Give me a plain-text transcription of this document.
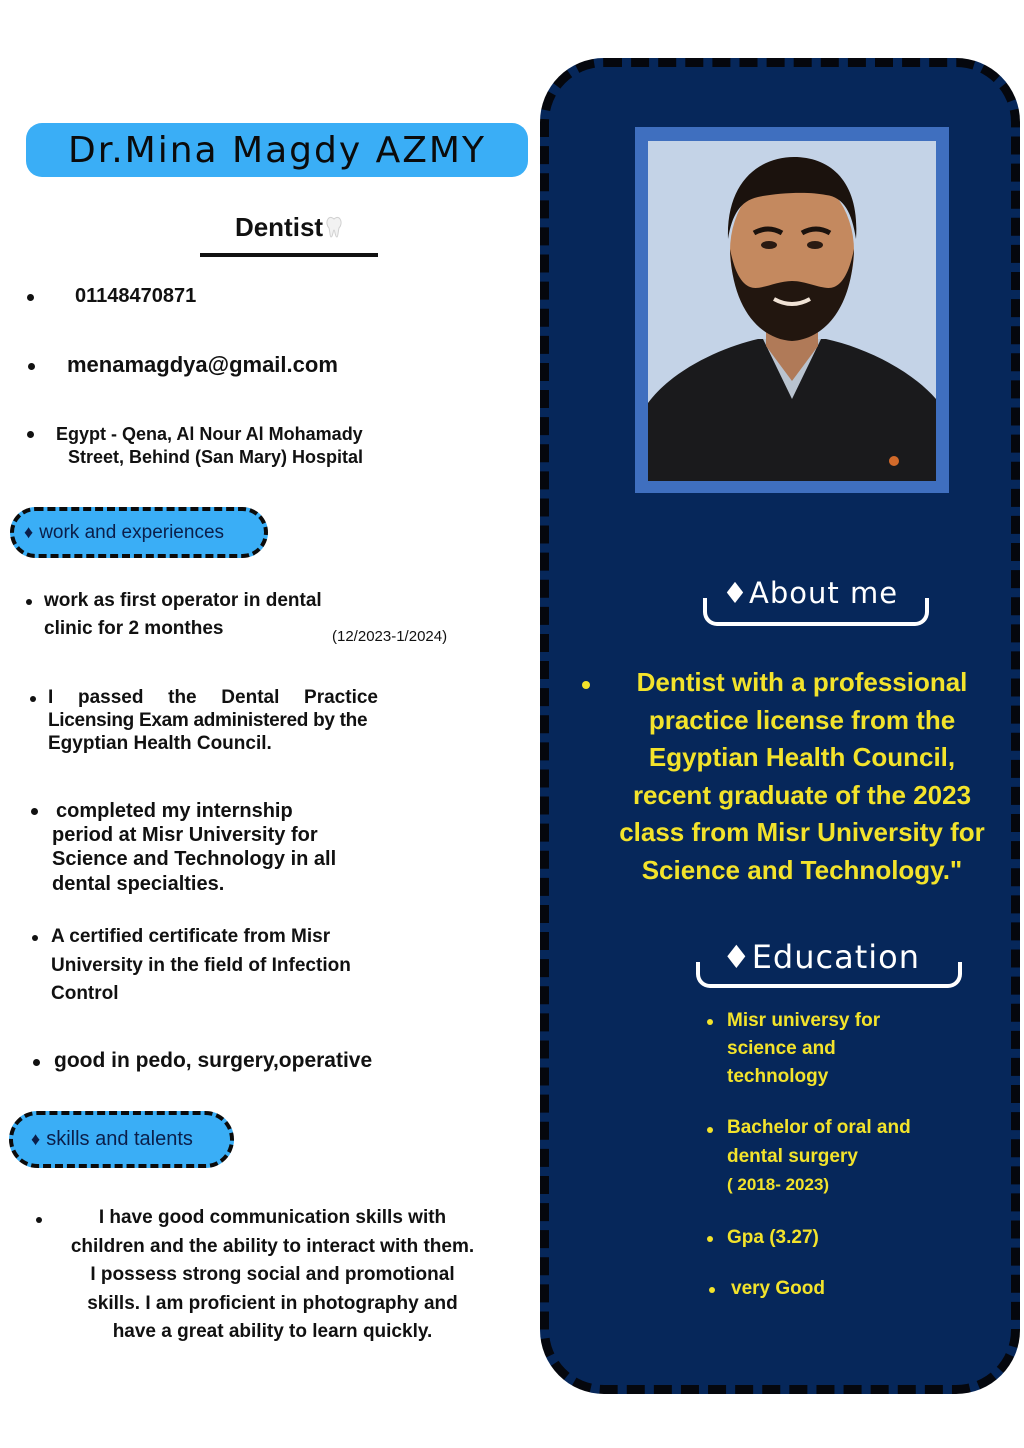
Dr.Mina Magdy AZMY
Dentist
01148470871
menamagdya@gmail.com
Egypt - Qena, Al Nour Al Mohamady
Street, Behind (San Mary) Hospital
♦ work and experiences
work as first operator in dental
clinic for 2 monthes	(12/2023-1/2024)
I passed the Dental Practice
Licensing Exam administered by the
Egyptian Health Council.
completed my internship
period at Misr University for
Science and Technology in all
dental specialties.
A certified certificate from Misr
University in the field of Infection
Control
good in pedo, surgery,operative
♦ skills and talents
I have good communication skills with
children and the ability to interact with them.
I possess strong social and promotional
skills. I am proficient in photography and
have a great ability to learn quickly.
♦About me
Dentist with a professional
practice license from the
Egyptian Health Council,
recent graduate of the 2023
class from Misr University for
Science and Technology."
♦Education
Misr universy for
science and
technology
Bachelor of oral and
dental surgery
( 2018- 2023)
Gpa (3.27)
very Good
